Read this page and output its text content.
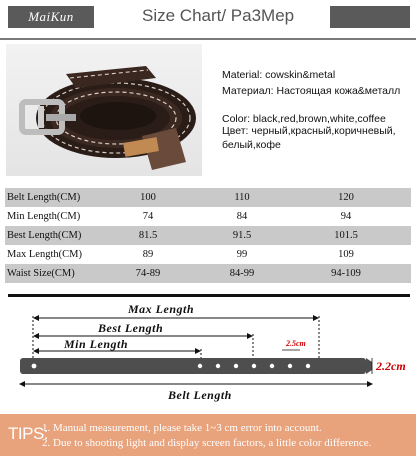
MaiKun	Size Chart/ Pa3Mep
Material: cowskin&metal
Материал: Настоящая кожа&металл
Color: black,red,brown,white,coffee
Цвет: черный,красный,коричневый, белый,кофе
Belt Length(CM)	100	110	120
Min Length(CM)	74	84	94
Best Length(CM)	81.5	91.5	101.5
Max Length(CM)	89	99	109
Waist Size(CM)	74-89	84-99	94-109
Max Length
Best Length
Min Length	2.5cm
2.2cm
Belt Length
TIPS:
1. Manual measurement, please take 1~3 cm error into account.
2. Due to shooting light and display screen factors, a little color difference.
